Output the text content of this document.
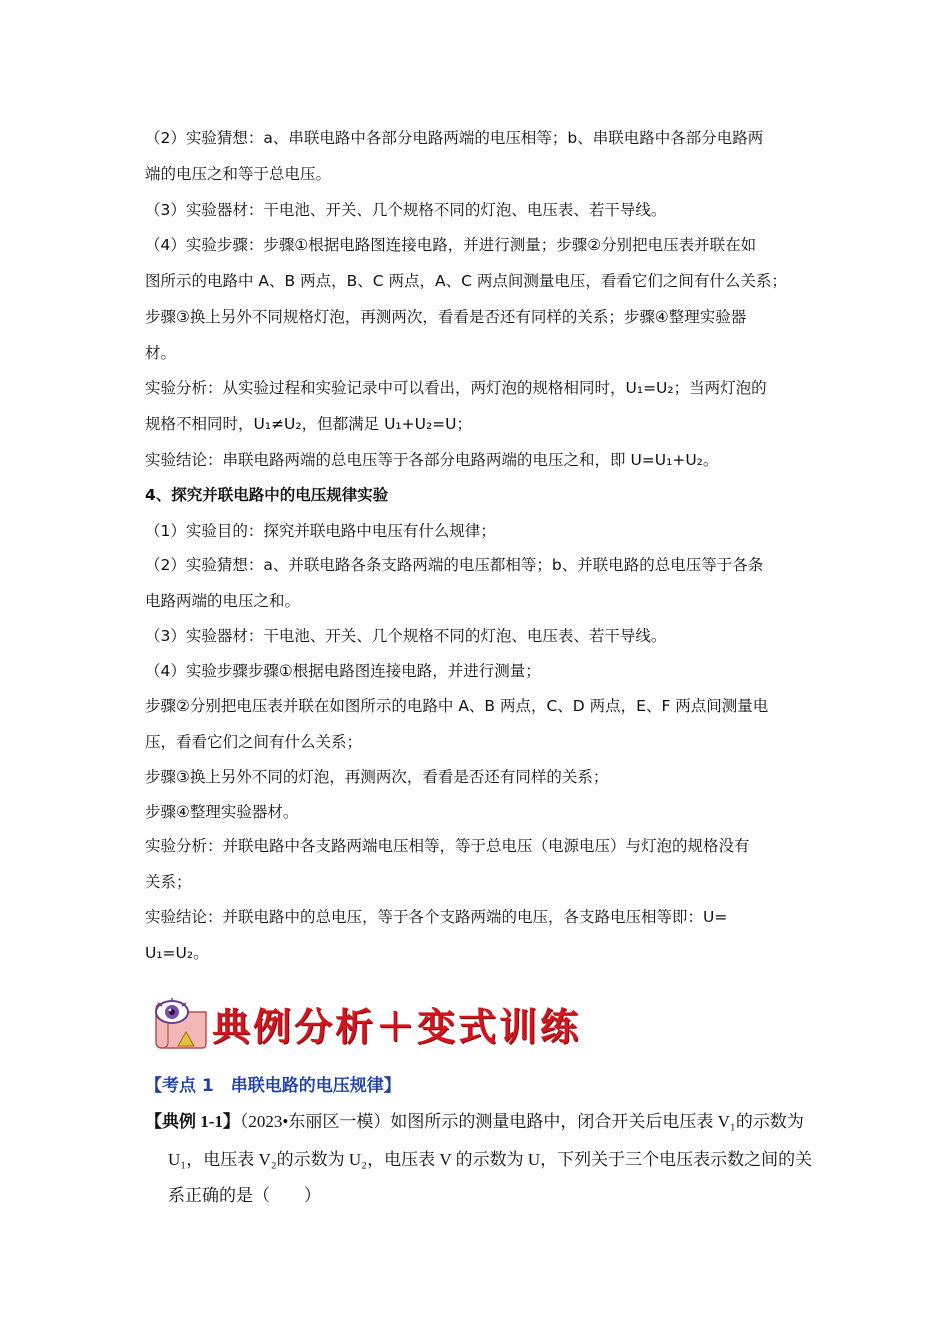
（2）实验猜想：a、串联电路中各部分电路两端的电压相等；b、串联电路中各部分电路两
端的电压之和等于总电压。
（3）实验器材：干电池、开关、几个规格不同的灯泡、电压表、若干导线。
（4）实验步骤：步骤①根据电路图连接电路，并进行测量；步骤②分别把电压表并联在如
图所示的电路中 A、B 两点，B、C 两点，A、C 两点间测量电压，看看它们之间有什么关系；
步骤③换上另外不同规格灯泡，再测两次，看看是否还有同样的关系；步骤④整理实验器
材。
实验分析：从实验过程和实验记录中可以看出，两灯泡的规格相同时，U₁=U₂；当两灯泡的
规格不相同时，U₁≠U₂，但都满足 U₁+U₂=U；
实验结论：串联电路两端的总电压等于各部分电路两端的电压之和，即 U=U₁+U₂。
4、探究并联电路中的电压规律实验
（1）实验目的：探究并联电路中电压有什么规律；
（2）实验猜想：a、并联电路各条支路两端的电压都相等；b、并联电路的总电压等于各条
电路两端的电压之和。
（3）实验器材：干电池、开关、几个规格不同的灯泡、电压表、若干导线。
（4）实验步骤步骤①根据电路图连接电路，并进行测量；
步骤②分别把电压表并联在如图所示的电路中 A、B 两点，C、D 两点，E、F 两点间测量电
压，看看它们之间有什么关系；
步骤③换上另外不同的灯泡，再测两次，看看是否还有同样的关系；
步骤④整理实验器材。
实验分析：并联电路中各支路两端电压相等，等于总电压（电源电压）与灯泡的规格没有
关系；
实验结论：并联电路中的总电压，等于各个支路两端的电压，各支路电压相等即：U=
U₁=U₂。
典例分析＋变式训练
【考点 1　串联电路的电压规律】
【典例 1-1】（2023•东丽区一模）如图所示的测量电路中，闭合开关后电压表 V₁的示数为
U₁，电压表 V₂的示数为 U₂，电压表 V 的示数为 U，下列关于三个电压表示数之间的关
系正确的是（　　）
